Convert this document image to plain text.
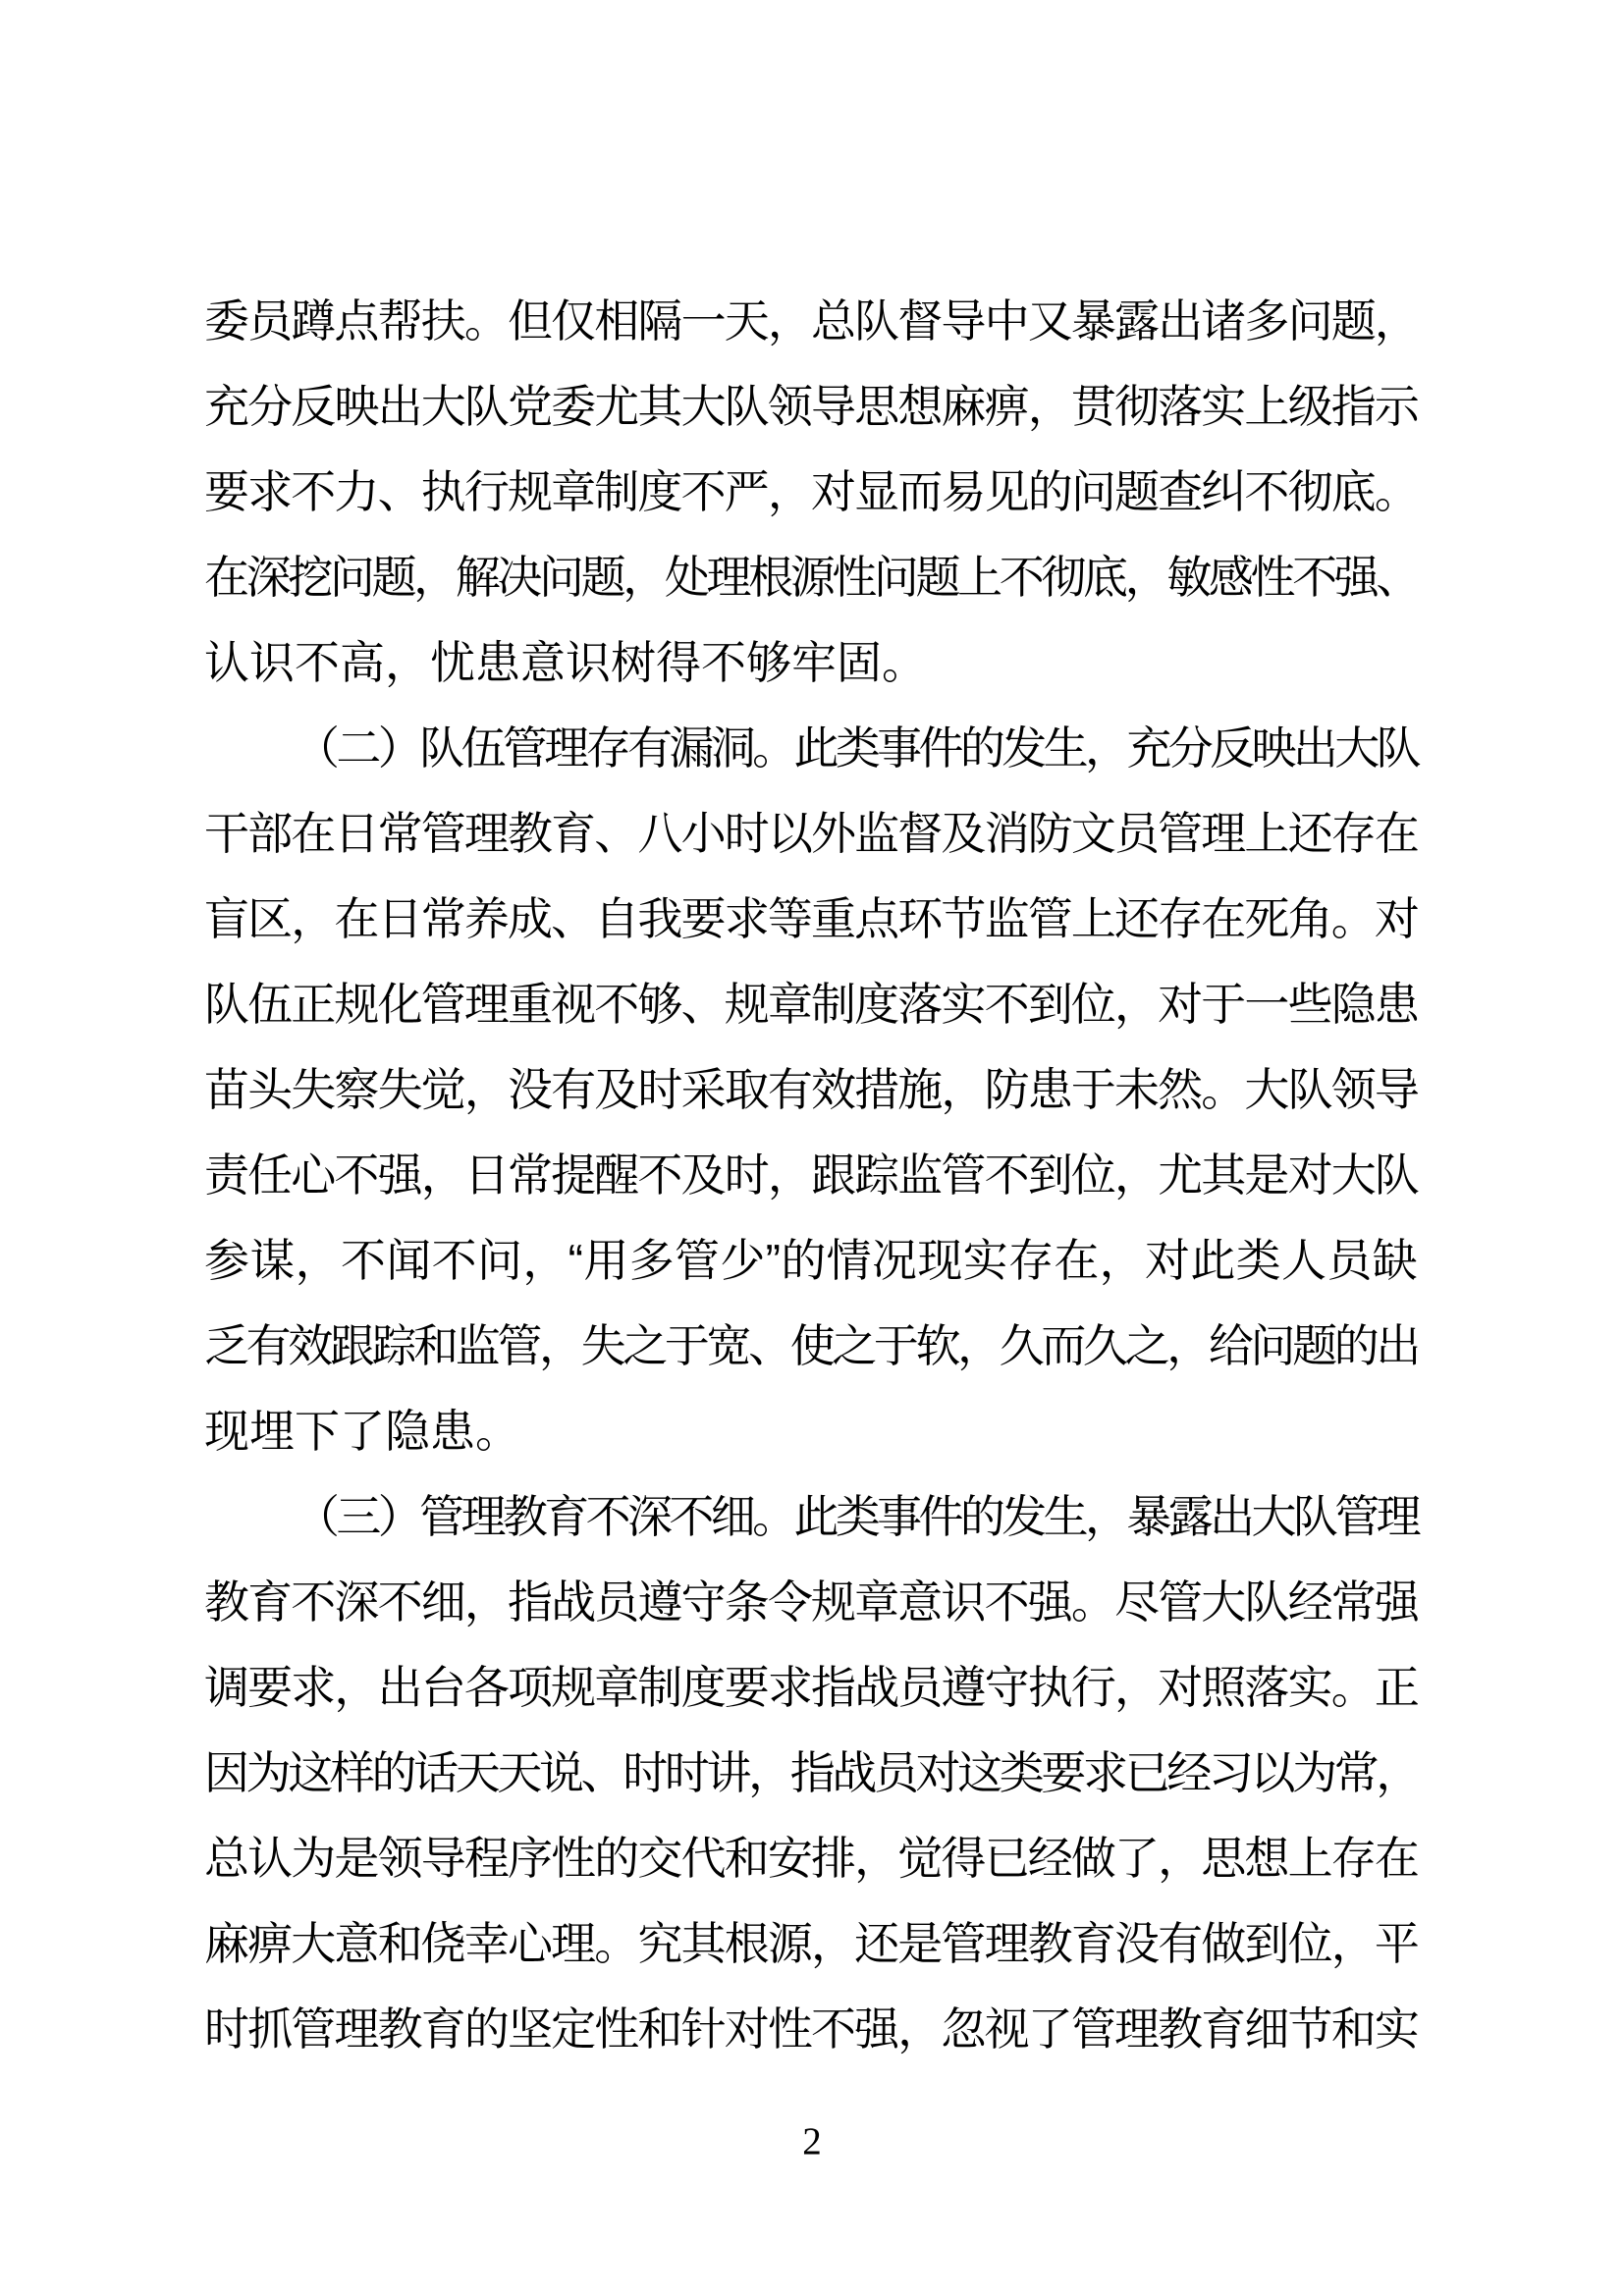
委员蹲点帮扶。但仅相隔一天，总队督导中又暴露出诸多问题，
充分反映出大队党委尤其大队领导思想麻痹，贯彻落实上级指示
要求不力、执行规章制度不严，对显而易见的问题查纠不彻底。
在深挖问题，解决问题，处理根源性问题上不彻底，敏感性不强、
认识不高，忧患意识树得不够牢固。
（二）队伍管理存有漏洞。此类事件的发生，充分反映出大队
干部在日常管理教育、八小时以外监督及消防文员管理上还存在
盲区，在日常养成、自我要求等重点环节监管上还存在死角。对
队伍正规化管理重视不够、规章制度落实不到位，对于一些隐患
苗头失察失觉，没有及时采取有效措施，防患于未然。大队领导
责任心不强，日常提醒不及时，跟踪监管不到位，尤其是对大队
参谋，不闻不问，“用多管少”的情况现实存在，对此类人员缺
乏有效跟踪和监管，失之于宽、使之于软，久而久之，给问题的出
现埋下了隐患。
（三）管理教育不深不细。此类事件的发生，暴露出大队管理
教育不深不细，指战员遵守条令规章意识不强。尽管大队经常强
调要求，出台各项规章制度要求指战员遵守执行，对照落实。正
因为这样的话天天说、时时讲，指战员对这类要求已经习以为常，
总认为是领导程序性的交代和安排，觉得已经做了，思想上存在
麻痹大意和侥幸心理。究其根源，还是管理教育没有做到位，平
时抓管理教育的坚定性和针对性不强，忽视了管理教育细节和实
2
